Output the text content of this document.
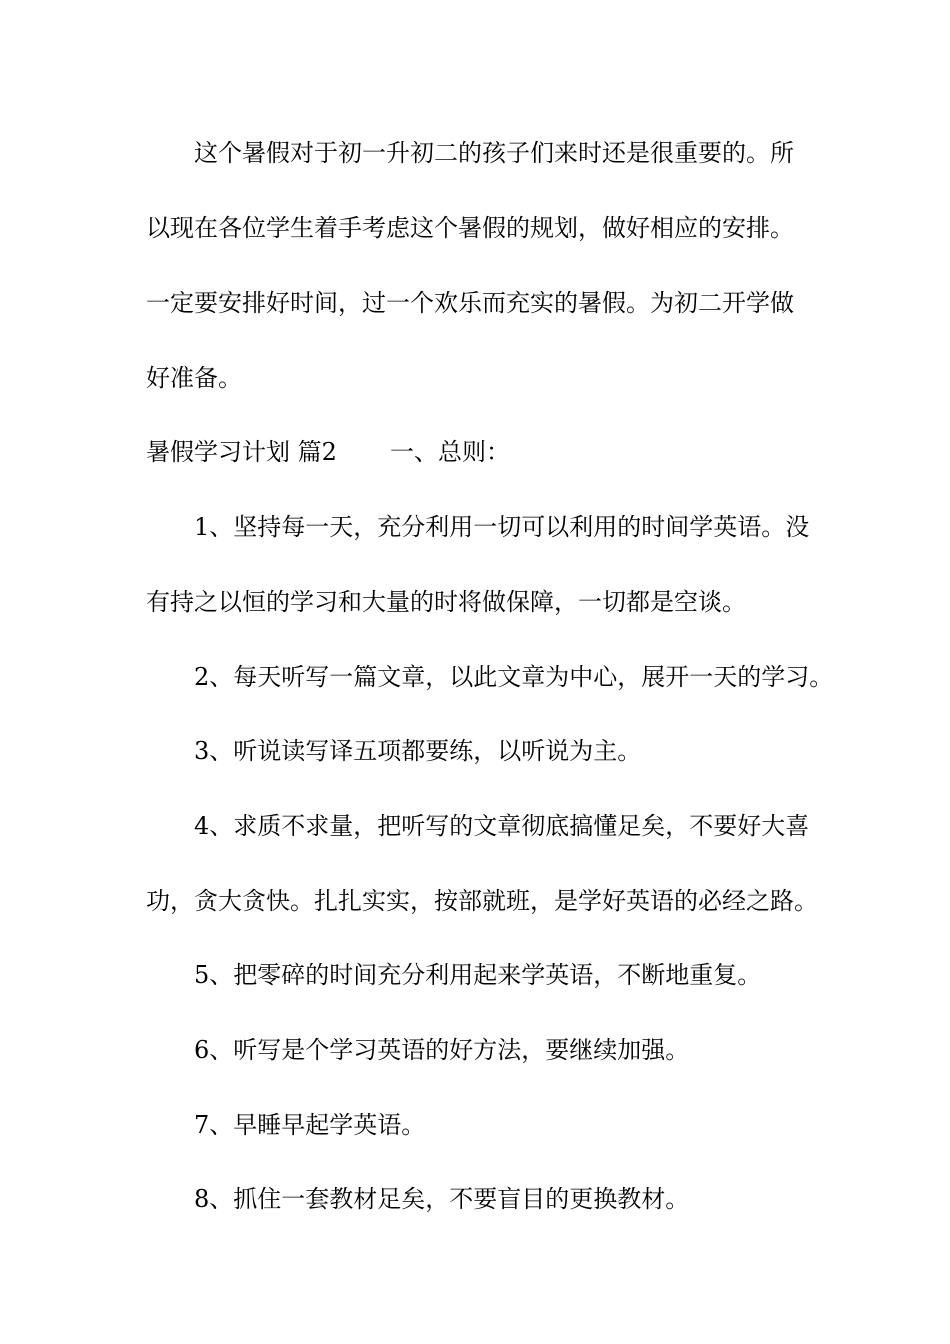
这个暑假对于初一升初二的孩子们来时还是很重要的。所

以现在各位学生着手考虑这个暑假的规划，做好相应的安排。

一定要安排好时间，过一个欢乐而充实的暑假。为初二开学做

好准备。

暑假学习计划 篇2 一、总则：

1、坚持每一天，充分利用一切可以利用的时间学英语。没

有持之以恒的学习和大量的时将做保障，一切都是空谈。

2、每天听写一篇文章，以此文章为中心，展开一天的学习。

3、听说读写译五项都要练，以听说为主。

4、求质不求量，把听写的文章彻底搞懂足矣，不要好大喜

功，贪大贪快。扎扎实实，按部就班，是学好英语的必经之路。

5、把零碎的时间充分利用起来学英语，不断地重复。

6、听写是个学习英语的好方法，要继续加强。

7、早睡早起学英语。

8、抓住一套教材足矣，不要盲目的更换教材。
